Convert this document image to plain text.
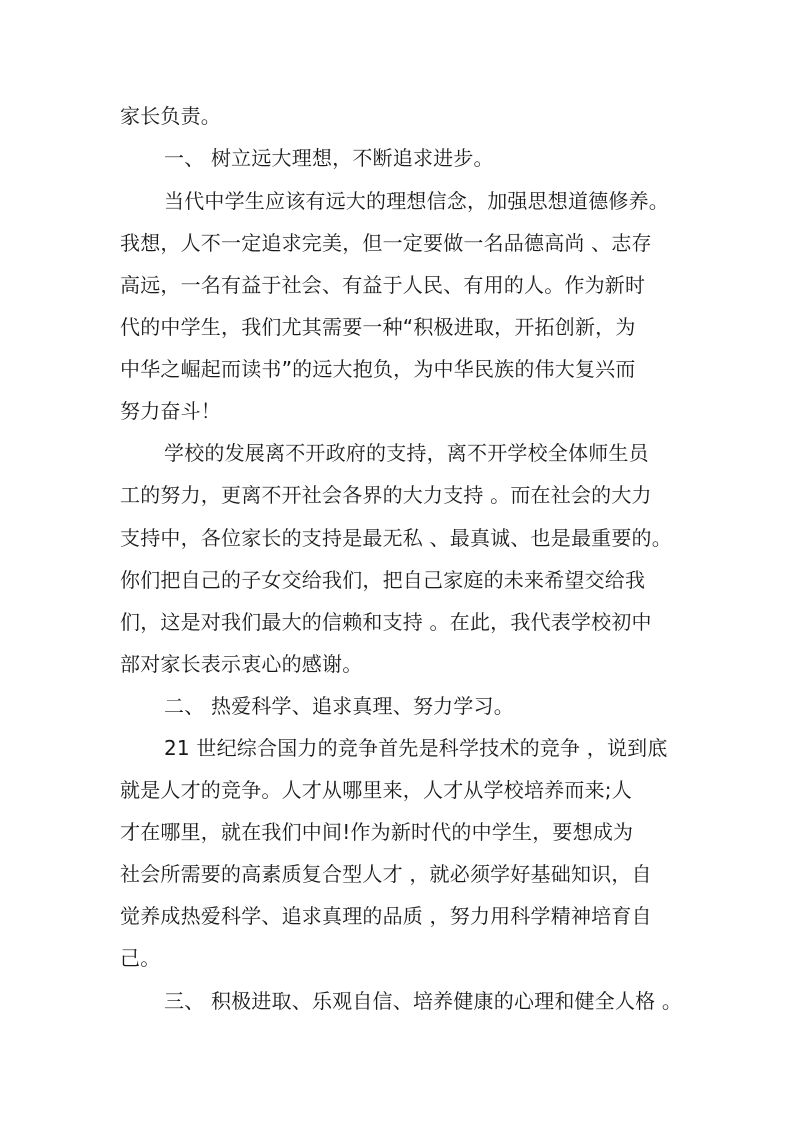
家长负责。
一、 树立远大理想，不断追求进步。
当代中学生应该有远大的理想信念，加强思想道德修养。
我想，人不一定追求完美，但一定要做一名品德高尚 、志存
高远，一名有益于社会、有益于人民、有用的人。作为新时
代的中学生，我们尤其需要一种“积极进取，开拓创新，为
中华之崛起而读书”的远大抱负，为中华民族的伟大复兴而
努力奋斗！
学校的发展离不开政府的支持，离不开学校全体师生员
工的努力，更离不开社会各界的大力支持 。而在社会的大力
支持中，各位家长的支持是最无私 、最真诚、也是最重要的。
你们把自己的子女交给我们，把自己家庭的未来希望交给我
们，这是对我们最大的信赖和支持 。在此，我代表学校初中
部对家长表示衷心的感谢。
二、 热爱科学、追求真理、努力学习。
21 世纪综合国力的竞争首先是科学技术的竞争 ，说到底
就是人才的竞争。人才从哪里来，人才从学校培养而来;人
才在哪里，就在我们中间!作为新时代的中学生，要想成为
社会所需要的高素质复合型人才 ，就必须学好基础知识，自
觉养成热爱科学、追求真理的品质 ，努力用科学精神培育自
己。
三、 积极进取、乐观自信、培养健康的心理和健全人格 。
